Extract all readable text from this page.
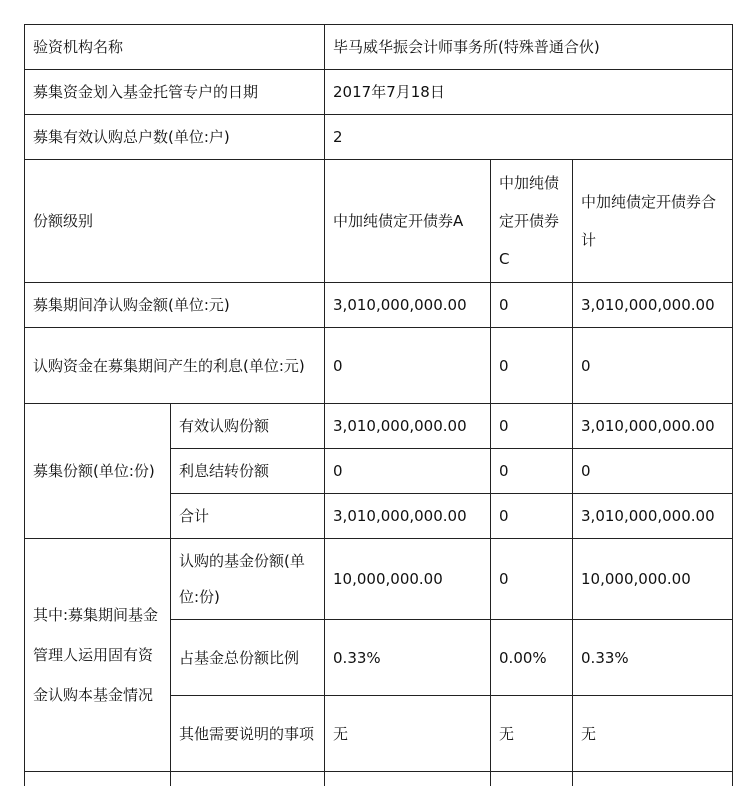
验资机构名称		毕马威华振会计师事务所(特殊普通合伙)		
募集资金划入基金托管专户的日期		2017年7月18日		
募集有效认购总户数(单位:户)		2		
份额级别		中加纯债定开债券A	中加纯债定开债券C	中加纯债定开债券合计
募集期间净认购金额(单位:元)		3,010,000,000.00	0	3,010,000,000.00
认购资金在募集期间产生的利息(单位:元)		0	0	0
募集份额(单位:份)	有效认购份额	3,010,000,000.00	0	3,010,000,000.00
	利息结转份额	0	0	0
	合计	3,010,000,000.00	0	3,010,000,000.00
其中:募集期间基金管理人运用固有资金认购本基金情况	认购的基金份额(单位:份)	10,000,000.00	0	10,000,000.00
	占基金总份额比例	0.33%	0.00%	0.33%
	其他需要说明的事项	无	无	无
